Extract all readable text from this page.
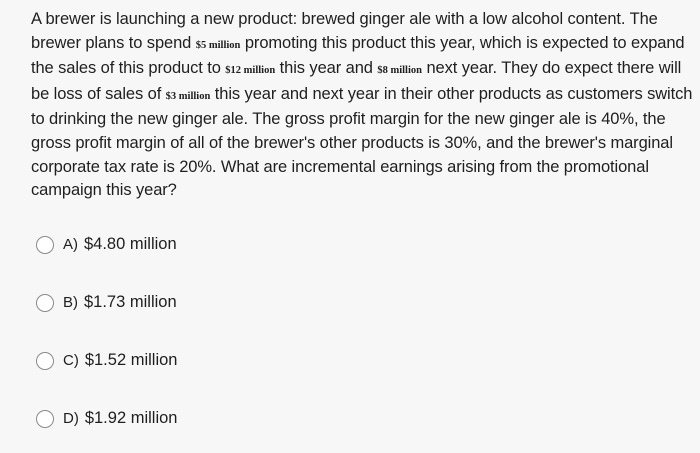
A brewer is launching a new product: brewed ginger ale with a low alcohol content. The brewer plans to spend $5 million promoting this product this year, which is expected to expand the sales of this product to $12 million this year and $8 million next year. They do expect there will be loss of sales of $3 million this year and next year in their other products as customers switch to drinking the new ginger ale. The gross profit margin for the new ginger ale is 40%, the gross profit margin of all of the brewer's other products is 30%, and the brewer's marginal corporate tax rate is 20%. What are incremental earnings arising from the promotional campaign this year?

A) $4.80 million
B) $1.73 million
C) $1.52 million
D) $1.92 million
